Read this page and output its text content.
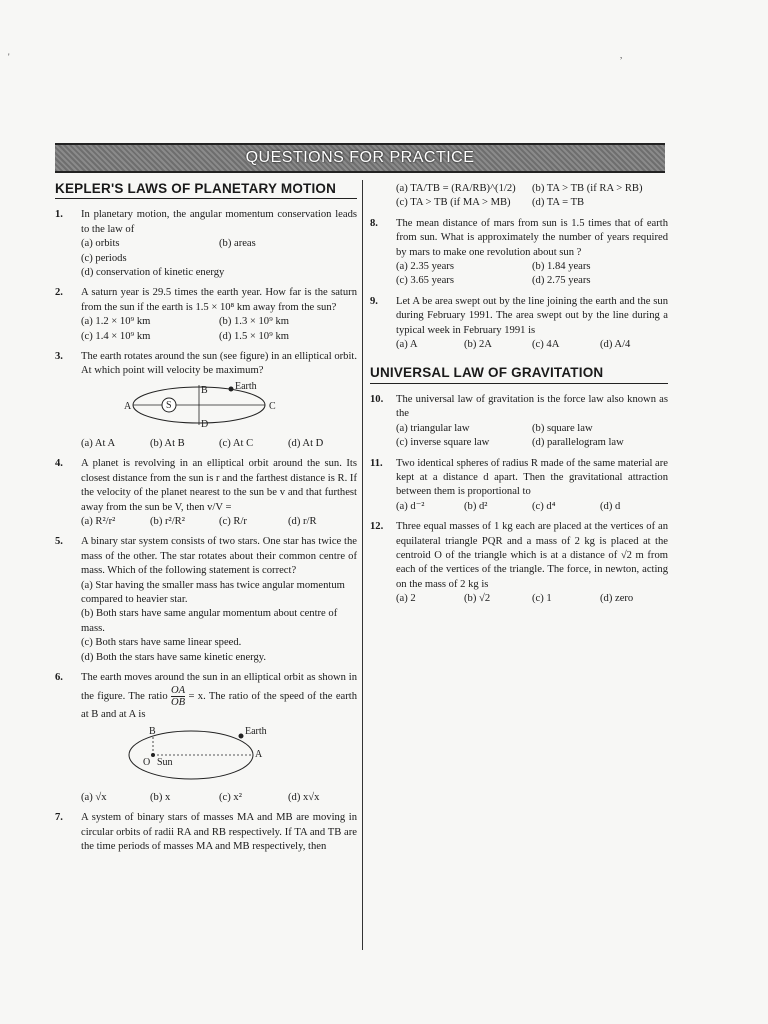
'	,
QUESTIONS FOR PRACTICE
KEPLER'S LAWS OF PLANETARY MOTION
1. In planetary motion, the angular momentum conservation leads to the law of
(a) orbits	(b) areas
(c) periods
(d) conservation of kinetic energy
2. A saturn year is 29.5 times the earth year. How far is the saturn from the sun if the earth is 1.5 × 10⁸ km away from the sun?
(a) 1.2 × 10⁹ km	(b) 1.3 × 10⁹ km
(c) 1.4 × 10⁹ km	(d) 1.5 × 10⁹ km
3. The earth rotates around the sun (see figure) in an elliptical orbit. At which point will velocity be maximum?
S
A	C
B
D
Earth
(a) At A	(b) At B	(c) At C	(d) At D
4. A planet is revolving in an elliptical orbit around the sun. Its closest distance from the sun is r and the farthest distance is R. If the velocity of the planet nearest to the sun be v and that furthest away from the sun be V, then v/V =
(a) R²/r²	(b) r²/R²	(c) R/r	(d) r/R
5. A binary star system consists of two stars. One star has twice the mass of the other. The star rotates about their common centre of mass. Which of the following statement is correct?
(a) Star having the smaller mass has twice angular momentum compared to heavier star.
(b) Both stars have same angular momentum about centre of mass.
(c) Both stars have same linear speed.
(d) Both the stars have same kinetic energy.
6. The earth moves around the sun in an elliptical orbit as shown in the figure. The ratio $\frac{OA}{OB} = x$. The ratio of the speed of the earth at B and at A is
B
A
O Sun
Earth
(a) √x	(b) x	(c) x²	(d) x√x
7. A system of binary stars of masses MA and MB are moving in circular orbits of radii RA and RB respectively. If TA and TB are the time periods of masses MA and MB respectively, then
(a) TA/TB = (RA/RB)^(1/2)	(b) TA > TB (if RA > RB)
(c) TA > TB (if MA > MB)	(d) TA = TB
8. The mean distance of mars from sun is 1.5 times that of earth from sun. What is approximately the number of years required by mars to make one revolution about sun ?
(a) 2.35 years	(b) 1.84 years
(c) 3.65 years	(d) 2.75 years
9. Let A be area swept out by the line joining the earth and the sun during February 1991. The area swept out by the line during a typical week in February 1991 is
(a) A	(b) 2A	(c) 4A	(d) A/4
UNIVERSAL LAW OF GRAVITATION
10. The universal law of gravitation is the force law also known as the
(a) triangular law	(b) square law
(c) inverse square law	(d) parallelogram law
11. Two identical spheres of radius R made of the same material are kept at a distance d apart. Then the gravitational attraction between them is proportional to
(a) d⁻²	(b) d²	(c) d⁴	(d) d
12. Three equal masses of 1 kg each are placed at the vertices of an equilateral triangle PQR and a mass of 2 kg is placed at the centroid O of the triangle which is at a distance of √2 m from each of the vertices of the triangle. The force, in newton, acting on the mass of 2 kg is
(a) 2	(b) √2	(c) 1	(d) zero
